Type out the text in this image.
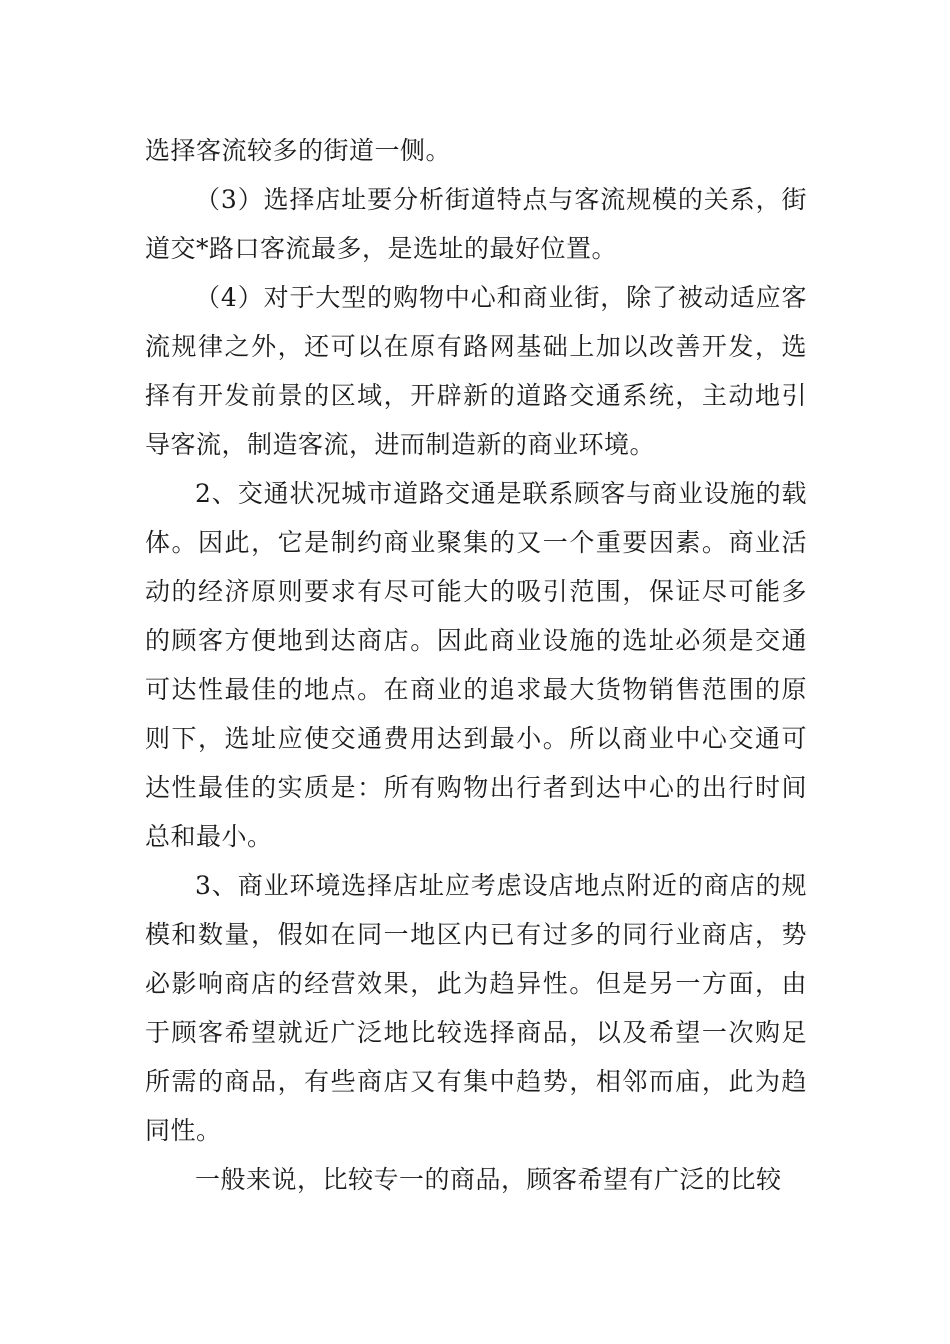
选择客流较多的街道一侧。

（3）选择店址要分析街道特点与客流规模的关系，街道交*路口客流最多，是选址的最好位置。

（4）对于大型的购物中心和商业街，除了被动适应客流规律之外，还可以在原有路网基础上加以改善开发，选择有开发前景的区域，开辟新的道路交通系统，主动地引导客流，制造客流，进而制造新的商业环境。

2、交通状况城市道路交通是联系顾客与商业设施的载体。因此，它是制约商业聚集的又一个重要因素。商业活动的经济原则要求有尽可能大的吸引范围，保证尽可能多的顾客方便地到达商店。因此商业设施的选址必须是交通可达性最佳的地点。在商业的追求最大货物销售范围的原则下，选址应使交通费用达到最小。所以商业中心交通可达性最佳的实质是：所有购物出行者到达中心的出行时间总和最小。

3、商业环境选择店址应考虑设店地点附近的商店的规模和数量，假如在同一地区内已有过多的同行业商店，势必影响商店的经营效果，此为趋异性。但是另一方面，由于顾客希望就近广泛地比较选择商品，以及希望一次购足所需的商品，有些商店又有集中趋势，相邻而庙，此为趋同性。

一般来说，比较专一的商品，顾客希望有广泛的比较
